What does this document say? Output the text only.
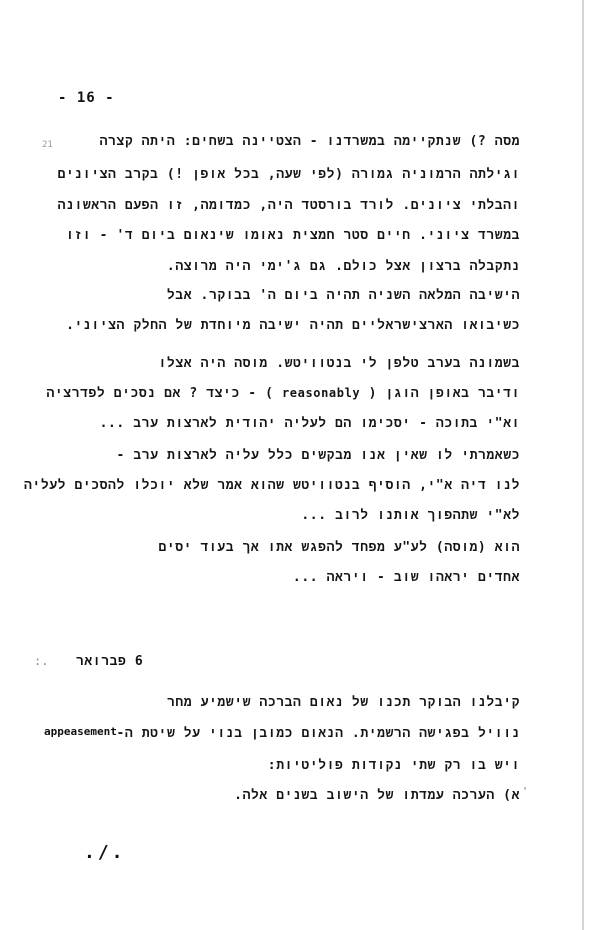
- 16 -
21	מסה ?) שנתקיימה במשרדנו - הצטיינה בשחים: היתה קצרה
וגילתה הרמוניה גמורה (לפי שעה, בכל אופן !) בקרב הציונים
והבלתי ציונים. לורד בורסטד היה, כמדומה, זו הפעם הראשונה
במשרד ציוני. חיים סטר חמצית נאומו שינאום ביום ד' - וזו
נתקבלה ברצון אצל כולם. גם ג'ימי היה מרוצה.
הישיבה המלאה השניה תהיה ביום ה' בבוקר. אבל
כשיבואו הארצישראליים תהיה ישיבה מיוחדת של החלק הציוני.
בשמונה בערב טלפן לי בנטוויטש. מוסה היה אצלו
ודיבר באופן הוגן ( reasonably ) - כיצד ? אם נסכים לפדרציה
וא"י בתוכה - יסכימו הם לעליה יהודית לארצות ערב ...
כשאמרתי לו שאין אנו מבקשים כלל עליה לארצות ערב -
לנו דיה א"י, הוסיף בנטוויטש שהוא אמר שלא יוכלו להסכים לעליה
לא"י שתהפוך אותנו לרוב ...
הוא (מוסה) לע"ע מפחד להפגש אתו אך בעוד יסים
אחדים יראהו שוב - ויראה ...
:. 6 פברואר
קיבלנו הבוקר תכנו של נאום הברכה שישמיע מחר
נוויל בפגישה הרשמית. הנאום כמובן בנוי על שיטת ה-
appeasement
ויש בו רק שתי נקודות פוליטיות:
'
א) הערכה עמדתו של הישוב בשנים אלה.
./.
